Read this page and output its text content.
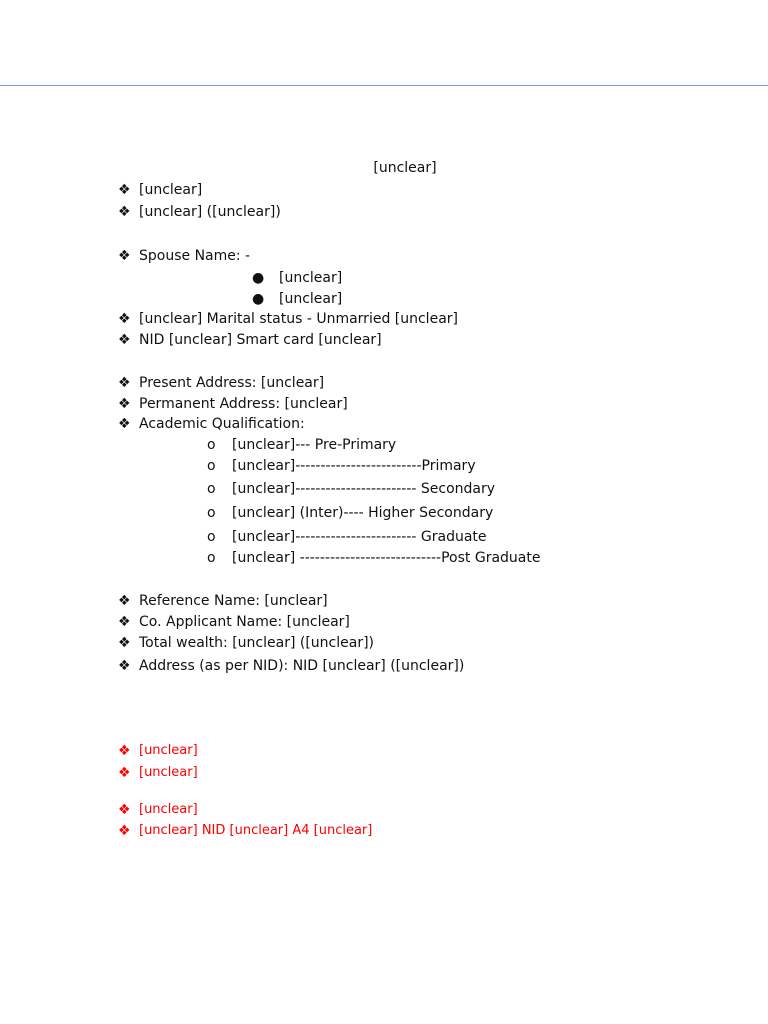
[unclear]
❖ [unclear]
❖ [unclear] ([unclear])
❖ Spouse Name: -
● [unclear]
● [unclear]
❖ [unclear] Marital status - Unmarried [unclear]
❖ NID [unclear] Smart card [unclear]
❖ Present Address: [unclear]
❖ Permanent Address: [unclear]
❖ Academic Qualification:
o [unclear]--- Pre-Primary
o [unclear]-------------------------Primary
o [unclear]------------------------ Secondary
o [unclear] (Inter)---- Higher Secondary
o [unclear]------------------------ Graduate
o [unclear] ----------------------------Post Graduate
❖ Reference Name: [unclear]
❖ Co. Applicant Name: [unclear]
❖ Total wealth: [unclear] ([unclear])
❖ Address (as per NID): NID [unclear] ([unclear])
❖ [unclear]
❖ [unclear]
❖ [unclear]
❖ [unclear] NID [unclear] A4 [unclear]
